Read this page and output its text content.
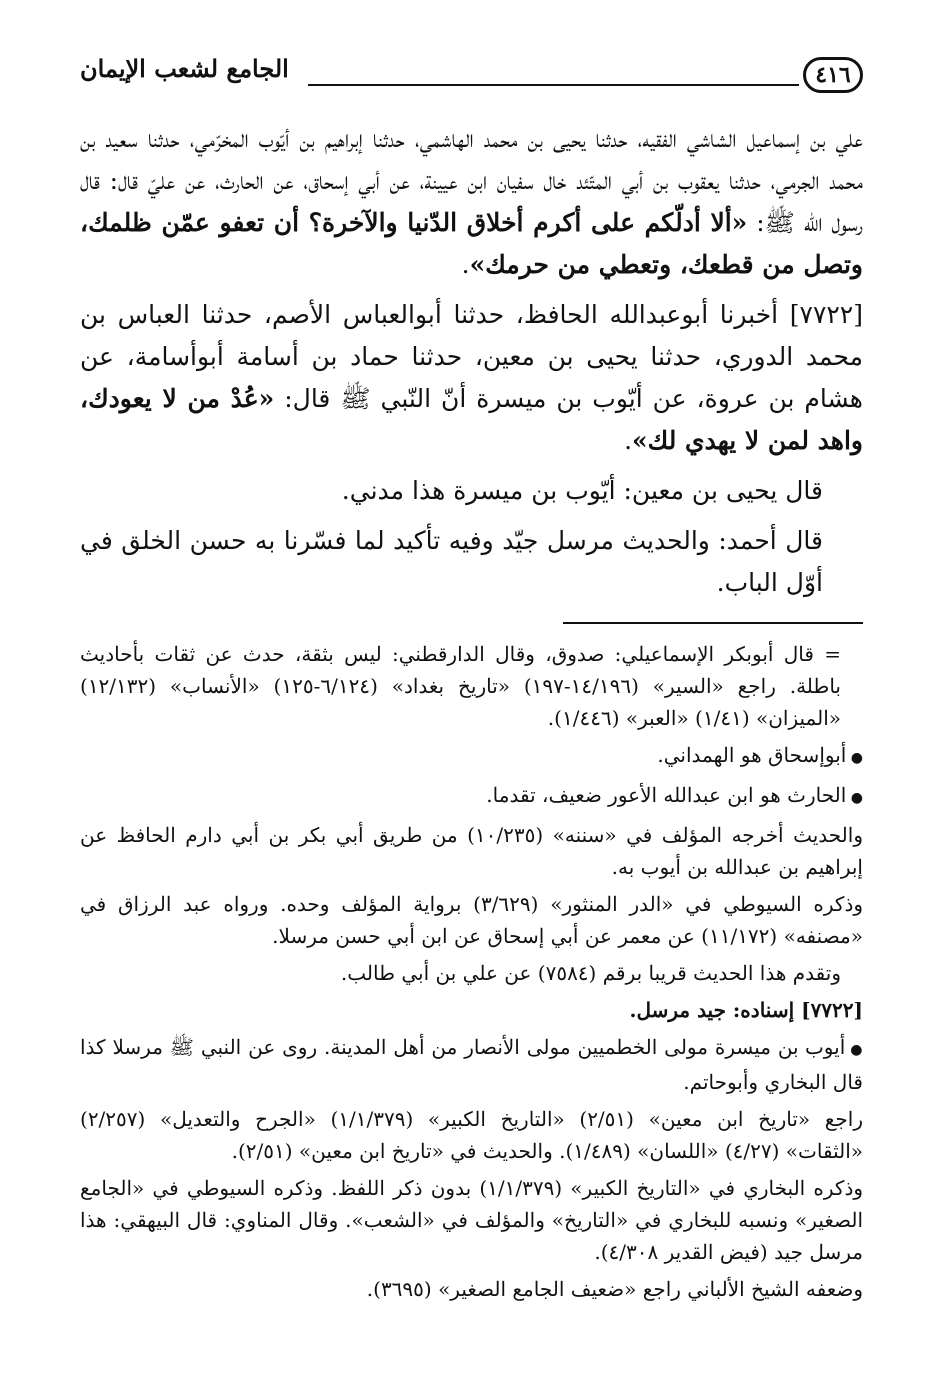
٤١٦
الجامع لشعب الإيمان

علي بن إسماعيل الشاشي الفقيه، حدثنا يحيى بن محمد الهاشمي، حدثنا إبراهيم بن أيّوب المخرّمي، حدثنا سعيد بن محمد الجرمي، حدثنا يعقوب بن أبي المتّئد خال سفيان ابن عيينة، عن أبي إسحاق، عن الحارث، عن عليّ قال: قال رسول الله ﷺ: «ألا أدلّكم على أكرم أخلاق الدّنيا والآخرة؟ أن تعفو عمّن ظلمك، وتصل من قطعك، وتعطي من حرمك».

[٧٧٢٢] أخبرنا أبوعبدالله الحافظ، حدثنا أبوالعباس الأصم، حدثنا العباس بن محمد الدوري، حدثنا يحيى بن معين، حدثنا حماد بن أسامة أبوأسامة، عن هشام بن عروة، عن أيّوب بن ميسرة أنّ النّبي ﷺ قال: «عُدْ من لا يعودك، واهد لمن لا يهدي لك».

قال يحيى بن معين: أيّوب بن ميسرة هذا مدني.

قال أحمد: والحديث مرسل جيّد وفيه تأكيد لما فسّرنا به حسن الخلق في أوّل الباب.

= قال أبوبكر الإسماعيلي: صدوق، وقال الدارقطني: ليس بثقة، حدث عن ثقات بأحاديث باطلة. راجع «السير» (١٤/١٩٦-١٩٧) «تاريخ بغداد» (٦/١٢٤-١٢٥) «الأنساب» (١٢/١٣٢) «الميزان» (١/٤١) «العبر» (١/٤٤٦).

● أبوإسحاق هو الهمداني.

● الحارث هو ابن عبدالله الأعور ضعيف، تقدما.

والحديث أخرجه المؤلف في «سننه» (١٠/٢٣٥) من طريق أبي بكر بن أبي دارم الحافظ عن إبراهيم بن عبدالله بن أيوب به.

وذكره السيوطي في «الدر المنثور» (٣/٦٢٩) برواية المؤلف وحده. ورواه عبد الرزاق في «مصنفه» (١١/١٧٢) عن معمر عن أبي إسحاق عن ابن أبي حسن مرسلا.

وتقدم هذا الحديث قريبا برقم (٧٥٨٤) عن علي بن أبي طالب.

[٧٧٢٢] إسناده: جيد مرسل.

● أيوب بن ميسرة مولى الخطميين مولى الأنصار من أهل المدينة. روى عن النبي ﷺ مرسلا كذا قال البخاري وأبوحاتم.

راجع «تاريخ ابن معين» (٢/٥١) «التاريخ الكبير» (١/١/٣٧٩) «الجرح والتعديل» (٢/٢٥٧) «الثقات» (٤/٢٧) «اللسان» (١/٤٨٩). والحديث في «تاريخ ابن معين» (٢/٥١).

وذكره البخاري في «التاريخ الكبير» (١/١/٣٧٩) بدون ذكر اللفظ. وذكره السيوطي في «الجامع الصغير» ونسبه للبخاري في «التاريخ» والمؤلف في «الشعب». وقال المناوي: قال البيهقي: هذا مرسل جيد (فيض القدير ٤/٣٠٨).

وضعفه الشيخ الألباني راجع «ضعيف الجامع الصغير» (٣٦٩٥).
